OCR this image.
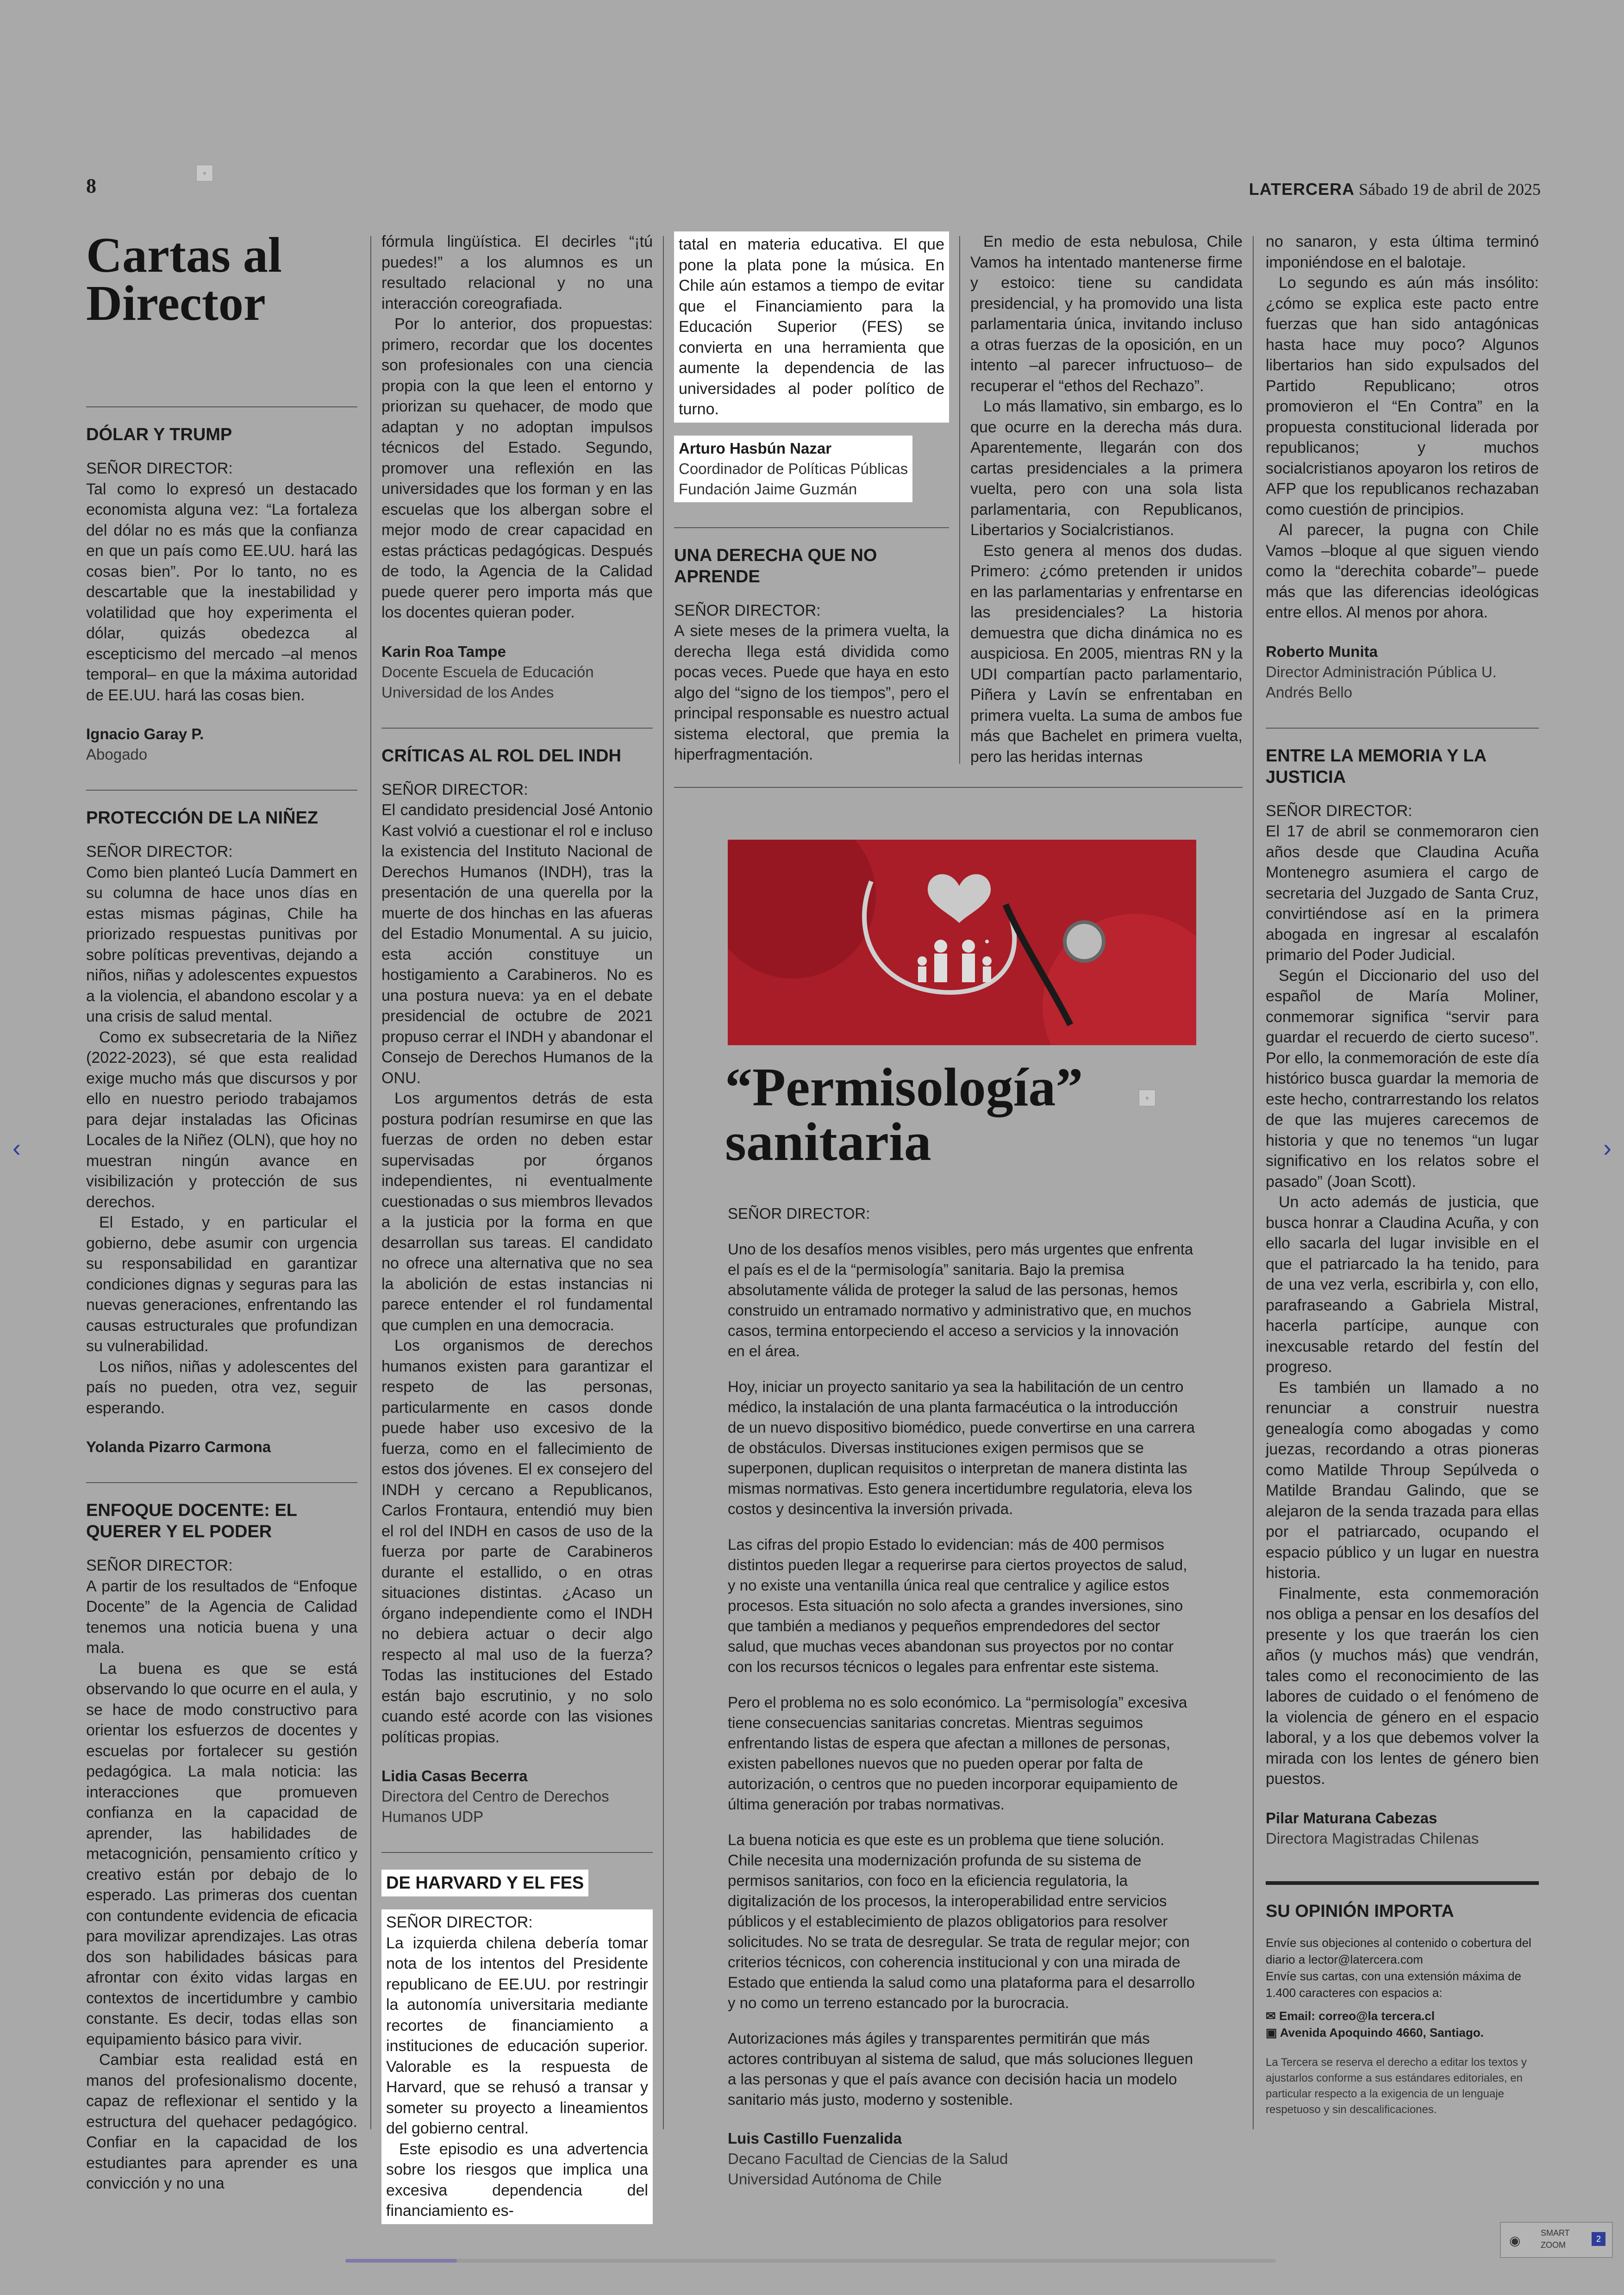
8
▫
LATERCERA Sábado 19 de abril de 2025
‹	›
Cartas al Director
DÓLAR Y TRUMP

SEÑOR DIRECTOR:

Tal como lo expresó un destacado economista alguna vez: “La fortaleza del dólar no es más que la confianza en que un país como EE.UU. hará las cosas bien”. Por lo tanto, no es descartable que la inestabilidad y volatilidad que hoy experimenta el dólar, quizás obedezca al escepticismo del mercado –al menos temporal– en que la máxima autoridad de EE.UU. hará las cosas bien.

Ignacio Garay P.
Abogado
PROTECCIÓN DE LA NIÑEZ

SEÑOR DIRECTOR:

Como bien planteó Lucía Dammert en su columna de hace unos días en estas mismas páginas, Chile ha priorizado respuestas punitivas por sobre políticas preventivas, dejando a niños, niñas y adolescentes expuestos a la violencia, el abandono escolar y a una crisis de salud mental.

Como ex subsecretaria de la Niñez (2022-2023), sé que esta realidad exige mucho más que discursos y por ello en nuestro periodo trabajamos para dejar instaladas las Oficinas Locales de la Niñez (OLN), que hoy no muestran ningún avance en visibilización y protección de sus derechos.

El Estado, y en particular el gobierno, debe asumir con urgencia su responsabilidad en garantizar condiciones dignas y seguras para las nuevas generaciones, enfrentando las causas estructurales que profundizan su vulnerabilidad.

Los niños, niñas y adolescentes del país no pueden, otra vez, seguir esperando.

Yolanda Pizarro Carmona
ENFOQUE DOCENTE: EL QUERER Y EL PODER

SEÑOR DIRECTOR:

A partir de los resultados de “Enfoque Docente” de la Agencia de Calidad tenemos una noticia buena y una mala.

La buena es que se está observando lo que ocurre en el aula, y se hace de modo constructivo para orientar los esfuerzos de docentes y escuelas por fortalecer su gestión pedagógica. La mala noticia: las interacciones que promueven confianza en la capacidad de aprender, las habilidades de metacognición, pensamiento crítico y creativo están por debajo de lo esperado. Las primeras dos cuentan con contundente evidencia de eficacia para movilizar aprendizajes. Las otras dos son habilidades básicas para afrontar con éxito vidas largas en contextos de incertidumbre y cambio constante. Es decir, todas ellas son equipamiento básico para vivir.

Cambiar esta realidad está en manos del profesionalismo docente, capaz de reflexionar el sentido y la estructura del quehacer pedagógico. Confiar en la capacidad de los estudiantes para aprender es una convicción y no una

fórmula lingüística. El decirles “¡tú puedes!” a los alumnos es un resultado relacional y no una interacción coreografiada.

Por lo anterior, dos propuestas: primero, recordar que los docentes son profesionales con una ciencia propia con la que leen el entorno y priorizan su quehacer, de modo que adaptan y no adoptan impulsos técnicos del Estado. Segundo, promover una reflexión en las universidades que los forman y en las escuelas que los albergan sobre el mejor modo de crear capacidad en estas prácticas pedagógicas. Después de todo, la Agencia de la Calidad puede querer pero importa más que los docentes quieran poder.

Karin Roa Tampe
Docente Escuela de Educación
Universidad de los Andes
CRÍTICAS AL ROL DEL INDH

SEÑOR DIRECTOR:

El candidato presidencial José Antonio Kast volvió a cuestionar el rol e incluso la existencia del Instituto Nacional de Derechos Humanos (INDH), tras la presentación de una querella por la muerte de dos hinchas en las afueras del Estadio Monumental. A su juicio, esta acción constituye un hostigamiento a Carabineros. No es una postura nueva: ya en el debate presidencial de octubre de 2021 propuso cerrar el INDH y abandonar el Consejo de Derechos Humanos de la ONU.

Los argumentos detrás de esta postura podrían resumirse en que las fuerzas de orden no deben estar supervisadas por órganos independientes, ni eventualmente cuestionadas o sus miembros llevados a la justicia por la forma en que desarrollan sus tareas. El candidato no ofrece una alternativa que no sea la abolición de estas instancias ni parece entender el rol fundamental que cumplen en una democracia.

Los organismos de derechos humanos existen para garantizar el respeto de las personas, particularmente en casos donde puede haber uso excesivo de la fuerza, como en el fallecimiento de estos dos jóvenes. El ex consejero del INDH y cercano a Republicanos, Carlos Frontaura, entendió muy bien el rol del INDH en casos de uso de la fuerza por parte de Carabineros durante el estallido, o en otras situaciones distintas. ¿Acaso un órgano independiente como el INDH no debiera actuar o decir algo respecto al mal uso de la fuerza? Todas las instituciones del Estado están bajo escrutinio, y no solo cuando esté acorde con las visiones políticas propias.

Lidia Casas Becerra
Directora del Centro de Derechos
Humanos UDP
DE HARVARD Y EL FES

SEÑOR DIRECTOR:

La izquierda chilena debería tomar nota de los intentos del Presidente republicano de EE.UU. por restringir la autonomía universitaria mediante recortes de financiamiento a instituciones de educación superior. Valorable es la respuesta de Harvard, que se rehusó a transar y someter su proyecto a lineamientos del gobierno central.

Este episodio es una advertencia sobre los riesgos que implica una excesiva dependencia del financiamiento es-

tatal en materia educativa. El que pone la plata pone la música. En Chile aún estamos a tiempo de evitar que el Financiamiento para la Educación Superior (FES) se convierta en una herramienta que aumente la dependencia de las universidades al poder político de turno.

Arturo Hasbún Nazar
Coordinador de Políticas Públicas
Fundación Jaime Guzmán
UNA DERECHA QUE NO APRENDE

SEÑOR DIRECTOR:

A siete meses de la primera vuelta, la derecha llega está dividida como pocas veces. Puede que haya en esto algo del “signo de los tiempos”, pero el principal responsable es nuestro actual sistema electoral, que premia la hiperfragmentación.

En medio de esta nebulosa, Chile Vamos ha intentado mantenerse firme y estoico: tiene su candidata presidencial, y ha promovido una lista parlamentaria única, invitando incluso a otras fuerzas de la oposición, en un intento –al parecer infructuoso– de recuperar el “ethos del Rechazo”.

Lo más llamativo, sin embargo, es lo que ocurre en la derecha más dura. Aparentemente, llegarán con dos cartas presidenciales a la primera vuelta, pero con una sola lista parlamentaria, con Republicanos, Libertarios y Socialcristianos.

Esto genera al menos dos dudas. Primero: ¿cómo pretenden ir unidos en las parlamentarias y enfrentarse en las presidenciales? La historia demuestra que dicha dinámica no es auspiciosa. En 2005, mientras RN y la UDI compartían pacto parlamentario, Piñera y Lavín se enfrentaban en primera vuelta. La suma de ambos fue más que Bachelet en primera vuelta, pero las heridas internas

no sanaron, y esta última terminó imponiéndose en el balotaje.

Lo segundo es aún más insólito: ¿cómo se explica este pacto entre fuerzas que han sido antagónicas hasta hace muy poco? Algunos libertarios han sido expulsados del Partido Republicano; otros promovieron el “En Contra” en la propuesta constitucional liderada por republicanos; y muchos socialcristianos apoyaron los retiros de AFP que los republicanos rechazaban como cuestión de principios.

Al parecer, la pugna con Chile Vamos –bloque al que siguen viendo como la “derechita cobarde”– puede más que las diferencias ideológicas entre ellos. Al menos por ahora.

Roberto Munita
Director Administración Pública U.
Andrés Bello
ENTRE LA MEMORIA Y LA JUSTICIA

SEÑOR DIRECTOR:

El 17 de abril se conmemoraron cien años desde que Claudina Acuña Montenegro asumiera el cargo de secretaria del Juzgado de Santa Cruz, convirtiéndose así en la primera abogada en ingresar al escalafón primario del Poder Judicial.

Según el Diccionario del uso del español de María Moliner, conmemorar significa “servir para guardar el recuerdo de cierto suceso”. Por ello, la conmemoración de este día histórico busca guardar la memoria de este hecho, contrarrestando los relatos de que las mujeres carecemos de historia y que no tenemos “un lugar significativo en los relatos sobre el pasado” (Joan Scott).

Un acto además de justicia, que busca honrar a Claudina Acuña, y con ello sacarla del lugar invisible en el que el patriarcado la ha tenido, para de una vez verla, escribirla y, con ello, parafraseando a Gabriela Mistral, hacerla partícipe, aunque con inexcusable retardo del festín del progreso.

Es también un llamado a no renunciar a construir nuestra genealogía como abogadas y como juezas, recordando a otras pioneras como Matilde Throup Sepúlveda o Matilde Brandau Galindo, que se alejaron de la senda trazada para ellas por el patriarcado, ocupando el espacio público y un lugar en nuestra historia.

Finalmente, esta conmemoración nos obliga a pensar en los desafíos del presente y los que traerán los cien años (y muchos más) que vendrán, tales como el reconocimiento de las labores de cuidado o el fenómeno de la violencia de género en el espacio laboral, y a los que debemos volver la mirada con los lentes de género bien puestos.

Pilar Maturana Cabezas
Directora Magistradas Chilenas
SU OPINIÓN IMPORTA
Envíe sus objeciones al contenido o cobertura del diario a lector@latercera.com
Envíe sus cartas, con una extensión máxima de 1.400 caracteres con espacios a:
✉ Email: correo@la tercera.cl
▣ Avenida Apoquindo 4660, Santiago.
La Tercera se reserva el derecho a editar los textos y ajustarlos conforme a sus estándares editoriales, en particular respecto a la exigencia de un lenguaje respetuoso y sin descalificaciones.
▫
“Permisología” sanitaria

SEÑOR DIRECTOR:

Uno de los desafíos menos visibles, pero más urgentes que enfrenta el país es el de la “permisología” sanitaria. Bajo la premisa absolutamente válida de proteger la salud de las personas, hemos construido un entramado normativo y administrativo que, en muchos casos, termina entorpeciendo el acceso a servicios y la innovación en el área.

Hoy, iniciar un proyecto sanitario ya sea la habilitación de un centro médico, la instalación de una planta farmacéutica o la introducción de un nuevo dispositivo biomédico, puede convertirse en una carrera de obstáculos. Diversas instituciones exigen permisos que se superponen, duplican requisitos o interpretan de manera distinta las mismas normativas. Esto genera incertidumbre regulatoria, eleva los costos y desincentiva la inversión privada.

Las cifras del propio Estado lo evidencian: más de 400 permisos distintos pueden llegar a requerirse para ciertos proyectos de salud, y no existe una ventanilla única real que centralice y agilice estos procesos. Esta situación no solo afecta a grandes inversiones, sino que también a medianos y pequeños emprendedores del sector salud, que muchas veces abandonan sus proyectos por no contar con los recursos técnicos o legales para enfrentar este sistema.

Pero el problema no es solo económico. La “permisología” excesiva tiene consecuencias sanitarias concretas. Mientras seguimos enfrentando listas de espera que afectan a millones de personas, existen pabellones nuevos que no pueden operar por falta de autorización, o centros que no pueden incorporar equipamiento de última generación por trabas normativas.

La buena noticia es que este es un problema que tiene solución. Chile necesita una modernización profunda de su sistema de permisos sanitarios, con foco en la eficiencia regulatoria, la digitalización de los procesos, la interoperabilidad entre servicios públicos y el establecimiento de plazos obligatorios para resolver solicitudes. No se trata de desregular. Se trata de regular mejor; con criterios técnicos, con coherencia institucional y con una mirada de Estado que entienda la salud como una plataforma para el desarrollo y no como un terreno estancado por la burocracia.

Autorizaciones más ágiles y transparentes permitirán que más actores contribuyan al sistema de salud, que más soluciones lleguen a las personas y que el país avance con decisión hacia un modelo sanitario más justo, moderno y sostenible.

Luis Castillo Fuenzalida
Decano Facultad de Ciencias de la Salud
Universidad Autónoma de Chile
◉
SMART
ZOOM
2
